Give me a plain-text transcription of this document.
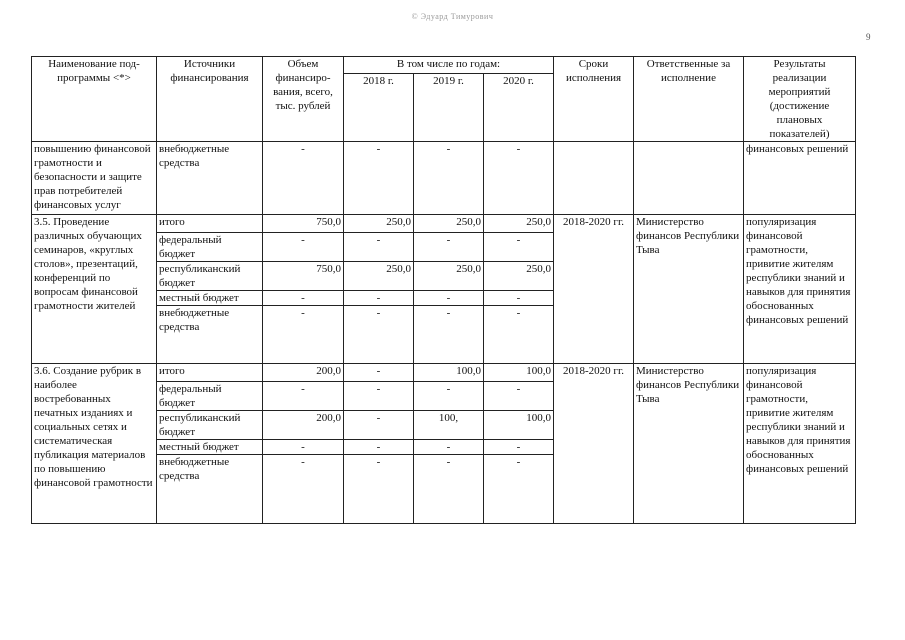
© Эдуард Тимурович
9
Наименование под-программы <*>	Источники финансирования	Объем финансиро-вания, всего, тыс. рублей	В том числе по годам:			Сроки исполнения	Ответственные за исполнение	Результаты реализации мероприятий (достижение плановых показателей)
			2018 г.	2019 г.	2020 г.			
повышению финансовой грамотности и безопасности и защите прав потребителей финансовых услуг	внебюджетные средства	-	-	-	-			финансовых решений
3.5. Проведение различных обучающих семинаров, «круглых столов», презентаций, конференций по вопросам финансовой грамотности жителей	итого	750,0	250,0	250,0	250,0	2018-2020 гг.	Министерство финансов Республики Тыва	популяризация финансовой грамотности, привитие жителям республики знаний и навыков для принятия обоснованных финансовых решений
	федеральный бюджет	-	-	-	-			
	республиканский бюджет	750,0	250,0	250,0	250,0			
	местный бюджет	-	-	-	-			
	внебюджетные средства	-	-	-	-			
3.6. Создание рубрик в наиболее востребованных печатных изданиях и социальных сетях и систематическая публикация материалов по повышению финансовой грамотности	итого	200,0	-	100,0	100,0	2018-2020 гг.	Министерство финансов Республики Тыва	популяризация финансовой грамотности, привитие жителям республики знаний и навыков для принятия обоснованных финансовых решений
	федеральный бюджет	-	-	-	-			
	республиканский бюджет	200,0	-	100,	100,0			
	местный бюджет	-	-	-	-			
	внебюджетные средства	-	-	-	-			
